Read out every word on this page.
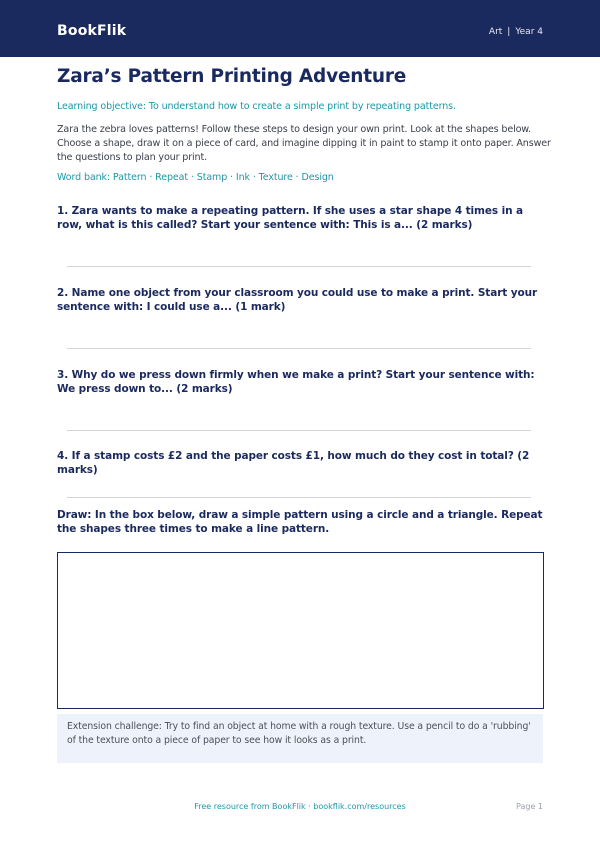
BookFlik	Art | Year 4
Zara’s Pattern Printing Adventure
Learning objective: To understand how to create a simple print by repeating patterns.
Zara the zebra loves patterns! Follow these steps to design your own print. Look at the shapes below. Choose a shape, draw it on a piece of card, and imagine dipping it in paint to stamp it onto paper. Answer the questions to plan your print.
Word bank: Pattern · Repeat · Stamp · Ink · Texture · Design
1. Zara wants to make a repeating pattern. If she uses a star shape 4 times in a row, what is this called? Start your sentence with: This is a... (2 marks)
2. Name one object from your classroom you could use to make a print. Start your sentence with: I could use a... (1 mark)
3. Why do we press down firmly when we make a print? Start your sentence with: We press down to... (2 marks)
4. If a stamp costs £2 and the paper costs £1, how much do they cost in total? (2 marks)
Draw: In the box below, draw a simple pattern using a circle and a triangle. Repeat the shapes three times to make a line pattern.
Extension challenge: Try to find an object at home with a rough texture. Use a pencil to do a 'rubbing' of the texture onto a piece of paper to see how it looks as a print.
Free resource from BookFlik · bookflik.com/resources	Page 1
